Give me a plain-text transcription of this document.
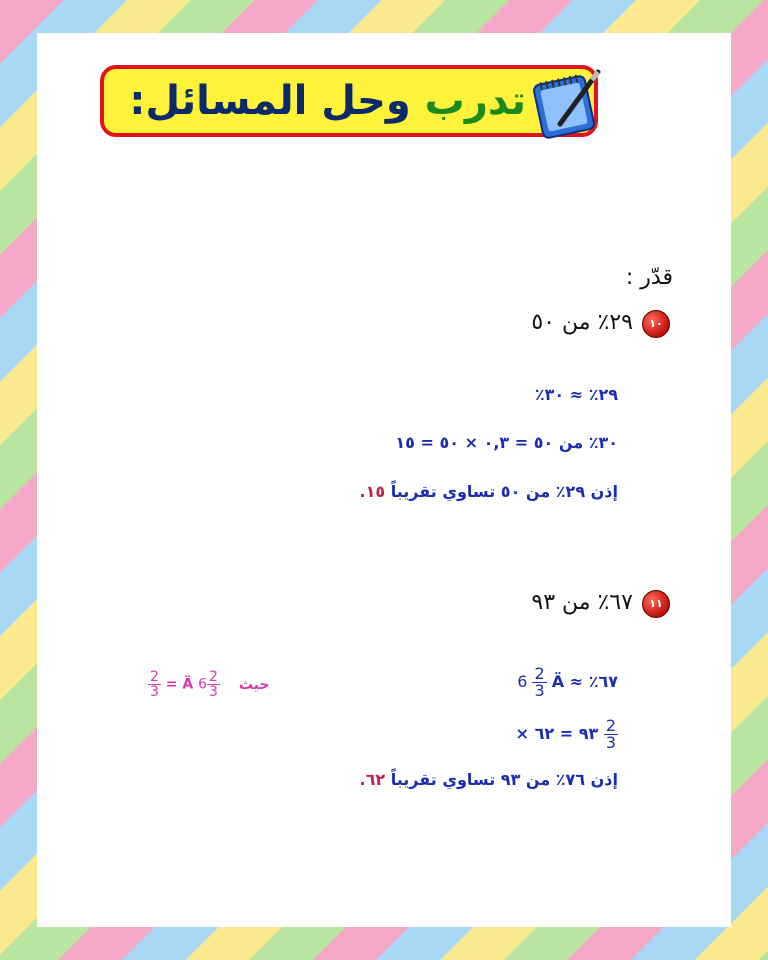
تدرب وحل المسائل:
قدّر :
١٠
٢٩٪ من ٥٠
٢٩٪ ≈ ٣٠٪
٣٠٪ من ٥٠ = ٠,٣ × ٥٠ = ١٥
إذن ٢٩٪ من ٥٠ تساوي تقريباً ١٥.
١١
٦٧٪ من ٩٣
٦٧٪ ≈ $6 \frac{2}{3}$ Ä
× ٩٣ = ٦٢ $\frac{2}{3}$
إذن ٧٦٪ من ٩٣ تساوي تقريباً ٦٢.
$\frac{2}{3}$ = Ä $6 \frac{2}{3}$ حيث
